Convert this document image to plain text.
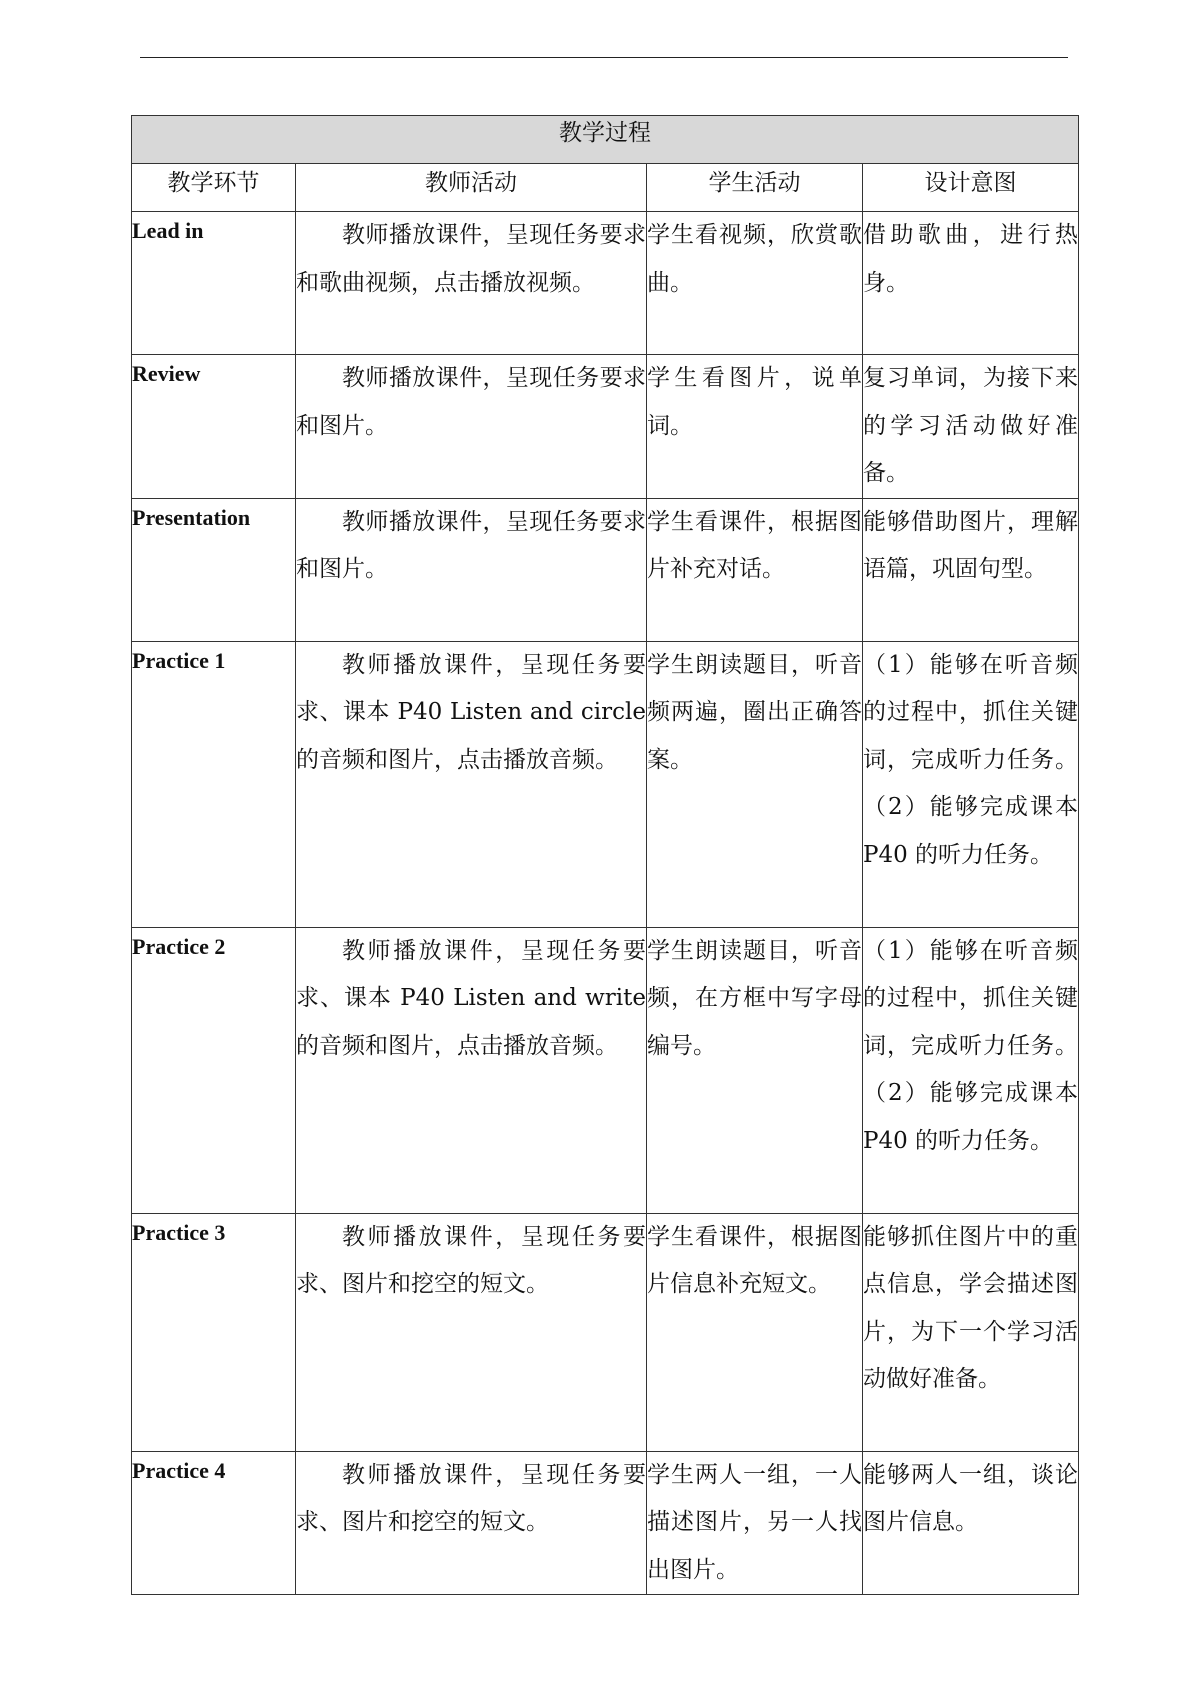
教学过程			
教学环节	教师活动	学生活动	设计意图
Lead in	教师播放课件，呈现任务要求和歌曲视频，点击播放视频。	学生看视频，欣赏歌曲。	借助歌曲，进行热身。
Review	教师播放课件，呈现任务要求和图片。	学生看图片，说单词。	复习单词，为接下来的学习活动做好准备。
Presentation	教师播放课件，呈现任务要求和图片。	学生看课件，根据图片补充对话。	能够借助图片，理解语篇，巩固句型。
Practice 1	教师播放课件，呈现任务要求、课本 P40 Listen and circle 的音频和图片，点击播放音频。	学生朗读题目，听音频两遍，圈出正确答案。	（1）能够在听音频的过程中，抓住关键词，完成听力任务。（2）能够完成课本 P40 的听力任务。
Practice 2	教师播放课件，呈现任务要求、课本 P40 Listen and write 的音频和图片，点击播放音频。	学生朗读题目，听音频，在方框中写字母编号。	（1）能够在听音频的过程中，抓住关键词，完成听力任务。（2）能够完成课本 P40 的听力任务。
Practice 3	教师播放课件，呈现任务要求、图片和挖空的短文。	学生看课件，根据图片信息补充短文。	能够抓住图片中的重点信息，学会描述图片，为下一个学习活动做好准备。
Practice 4	教师播放课件，呈现任务要求、图片和挖空的短文。	学生两人一组，一人描述图片，另一人找出图片。	能够两人一组，谈论图片信息。
